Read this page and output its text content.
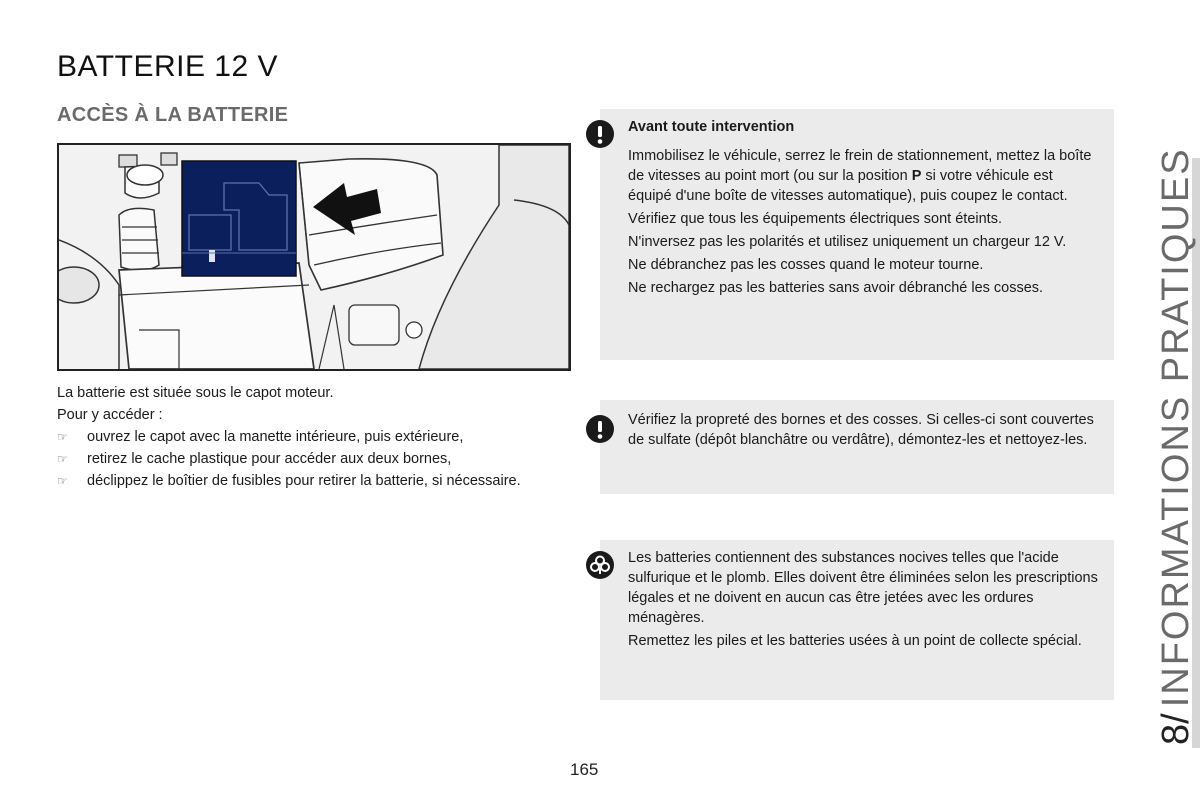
BATTERIE 12 V
ACCÈS À LA BATTERIE

La batterie est située sous le capot moteur.

Pour y accéder :

☞ ouvrez le capot avec la manette intérieure, puis extérieure,
☞ retirez le cache plastique pour accéder aux deux bornes,
☞ déclippez le boîtier de fusibles pour retirer la batterie, si nécessaire.

Avant toute intervention

Immobilisez le véhicule, serrez le frein de stationnement, mettez la boîte de vitesses au point mort (ou sur la position P si votre véhicule est équipé d'une boîte de vitesses automatique), puis coupez le contact.

Vérifiez que tous les équipements électriques sont éteints.

N'inversez pas les polarités et utilisez uniquement un chargeur 12 V.

Ne débranchez pas les cosses quand le moteur tourne.

Ne rechargez pas les batteries sans avoir débranché les cosses.

Vérifiez la propreté des bornes et des cosses. Si celles-ci sont couvertes de sulfate (dépôt blanchâtre ou verdâtre), démontez-les et nettoyez-les.

Les batteries contiennent des substances nocives telles que l'acide sulfurique et le plomb. Elles doivent être éliminées selon les prescriptions légales et ne doivent en aucun cas être jetées avec les ordures ménagères.

Remettez les piles et les batteries usées à un point de collecte spécial.

8/INFORMATIONS PRATIQUES
165
